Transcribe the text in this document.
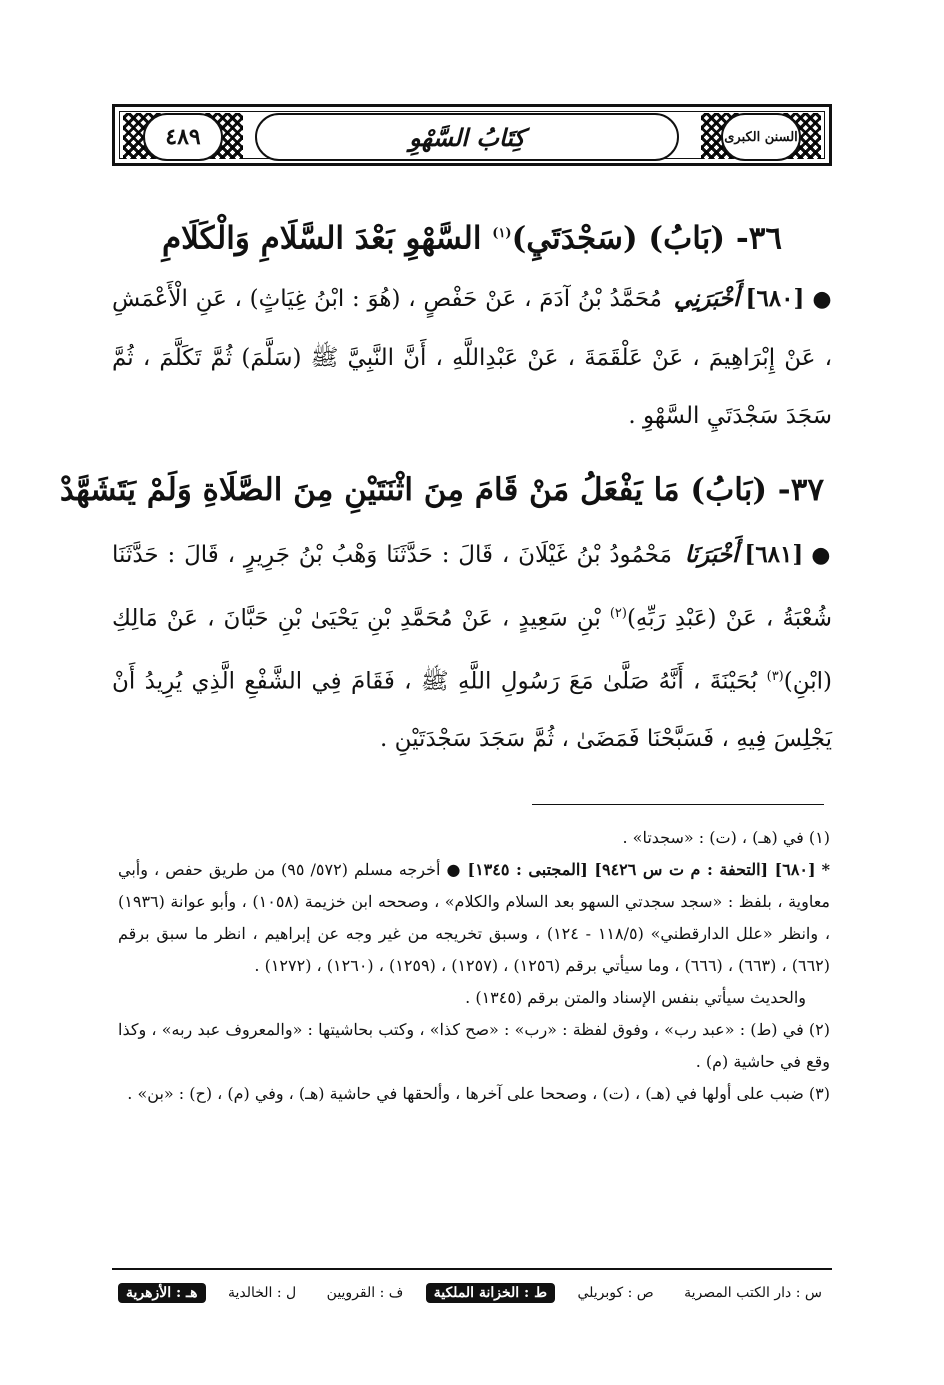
٤٨٩	كِتَابُ السَّهْوِ	السنن الكبرى
٣٦- (بَابُ) (سَجْدَتَيِ)$^{(١)}$ السَّهْوِ بَعْدَ السَّلَامِ وَالْكَلَامِ
●[٦٨٠]أَخْبَرَنِي مُحَمَّدُ بْنُ آدَمَ ، عَنْ حَفْصٍ ، (هُوَ : ابْنُ غِيَاثٍ) ، عَنِ الْأَعْمَشِ ، عَنْ إِبْرَاهِيمَ ، عَنْ عَلْقَمَةَ ، عَنْ عَبْدِاللَّهِ ، أَنَّ النَّبِيَّ ﷺ (سَلَّمَ) ثُمَّ تَكَلَّمَ ، ثُمَّ سَجَدَ سَجْدَتَيِ السَّهْوِ .
٣٧- (بَابُ) مَا يَفْعَلُ مَنْ قَامَ مِنَ اثْنَتَيْنِ مِنَ الصَّلَاةِ وَلَمْ يَتَشَهَّدْ
●[٦٨١]أَخْبَرَنَا مَحْمُودُ بْنُ غَيْلَانَ ، قَالَ : حَدَّثَنَا وَهْبُ بْنُ جَرِيرٍ ، قَالَ : حَدَّثَنَا شُعْبَةُ ، عَنْ (عَبْدِ رَبِّهِ)$^{(٢)}$ بْنِ سَعِيدٍ ، عَنْ مُحَمَّدِ بْنِ يَحْيَىٰ بْنِ حَبَّانَ ، عَنْ مَالِكِ (ابْنِ)$^{(٣)}$ بُحَيْنَةَ ، أَنَّهُ صَلَّىٰ مَعَ رَسُولِ اللَّهِ ﷺ ، فَقَامَ فِي الشَّفْعِ الَّذِي يُرِيدُ أَنْ يَجْلِسَ فِيهِ ، فَسَبَّحْنَا فَمَضَىٰ ، ثُمَّ سَجَدَ سَجْدَتَيْنِ .

(١) في (هـ) ، (ت) : «سجدتا» .

*[٦٨٠] [التحفة : م ت س ٩٤٢٦] [المجتبى : ١٣٤٥] ● أخرجه مسلم (٥٧٢/ ٩٥) من طريق حفص ، وأبي معاوية ، بلفظ : «سجد سجدتي السهو بعد السلام والكلام» ، وصححه ابن خزيمة (١٠٥٨) ، وأبو عوانة (١٩٣٦) ، وانظر «علل الدارقطني» (١١٨/٥ - ١٢٤) ، وسبق تخريجه من غير وجه عن إبراهيم ، انظر ما سبق برقم (٦٦٢) ، (٦٦٣) ، (٦٦٦) ، وما سيأتي برقم (١٢٥٦) ، (١٢٥٧) ، (١٢٥٩) ، (١٢٦٠) ، (١٢٧٢) .

والحديث سيأتي بنفس الإسناد والمتن برقم (١٣٤٥) .

(٢) في (ط) : «عبد رب» ، وفوق لفظة : «رب» : «صح كذا» ، وكتب بحاشيتها : «والمعروف عبد ربه» ، وكذا وقع في حاشية (م) .

(٣) ضبب على أولها في (هـ) ، (ت) ، وصححا على آخرها ، وألحقها في حاشية (هـ) ، وفي (م) ، (ح) : «بن» .

س : دار الكتب المصرية
ص : كوبريلي
ط : الخزانة الملكية
ف : القرويين
ل : الخالدية
هـ : الأزهرية
